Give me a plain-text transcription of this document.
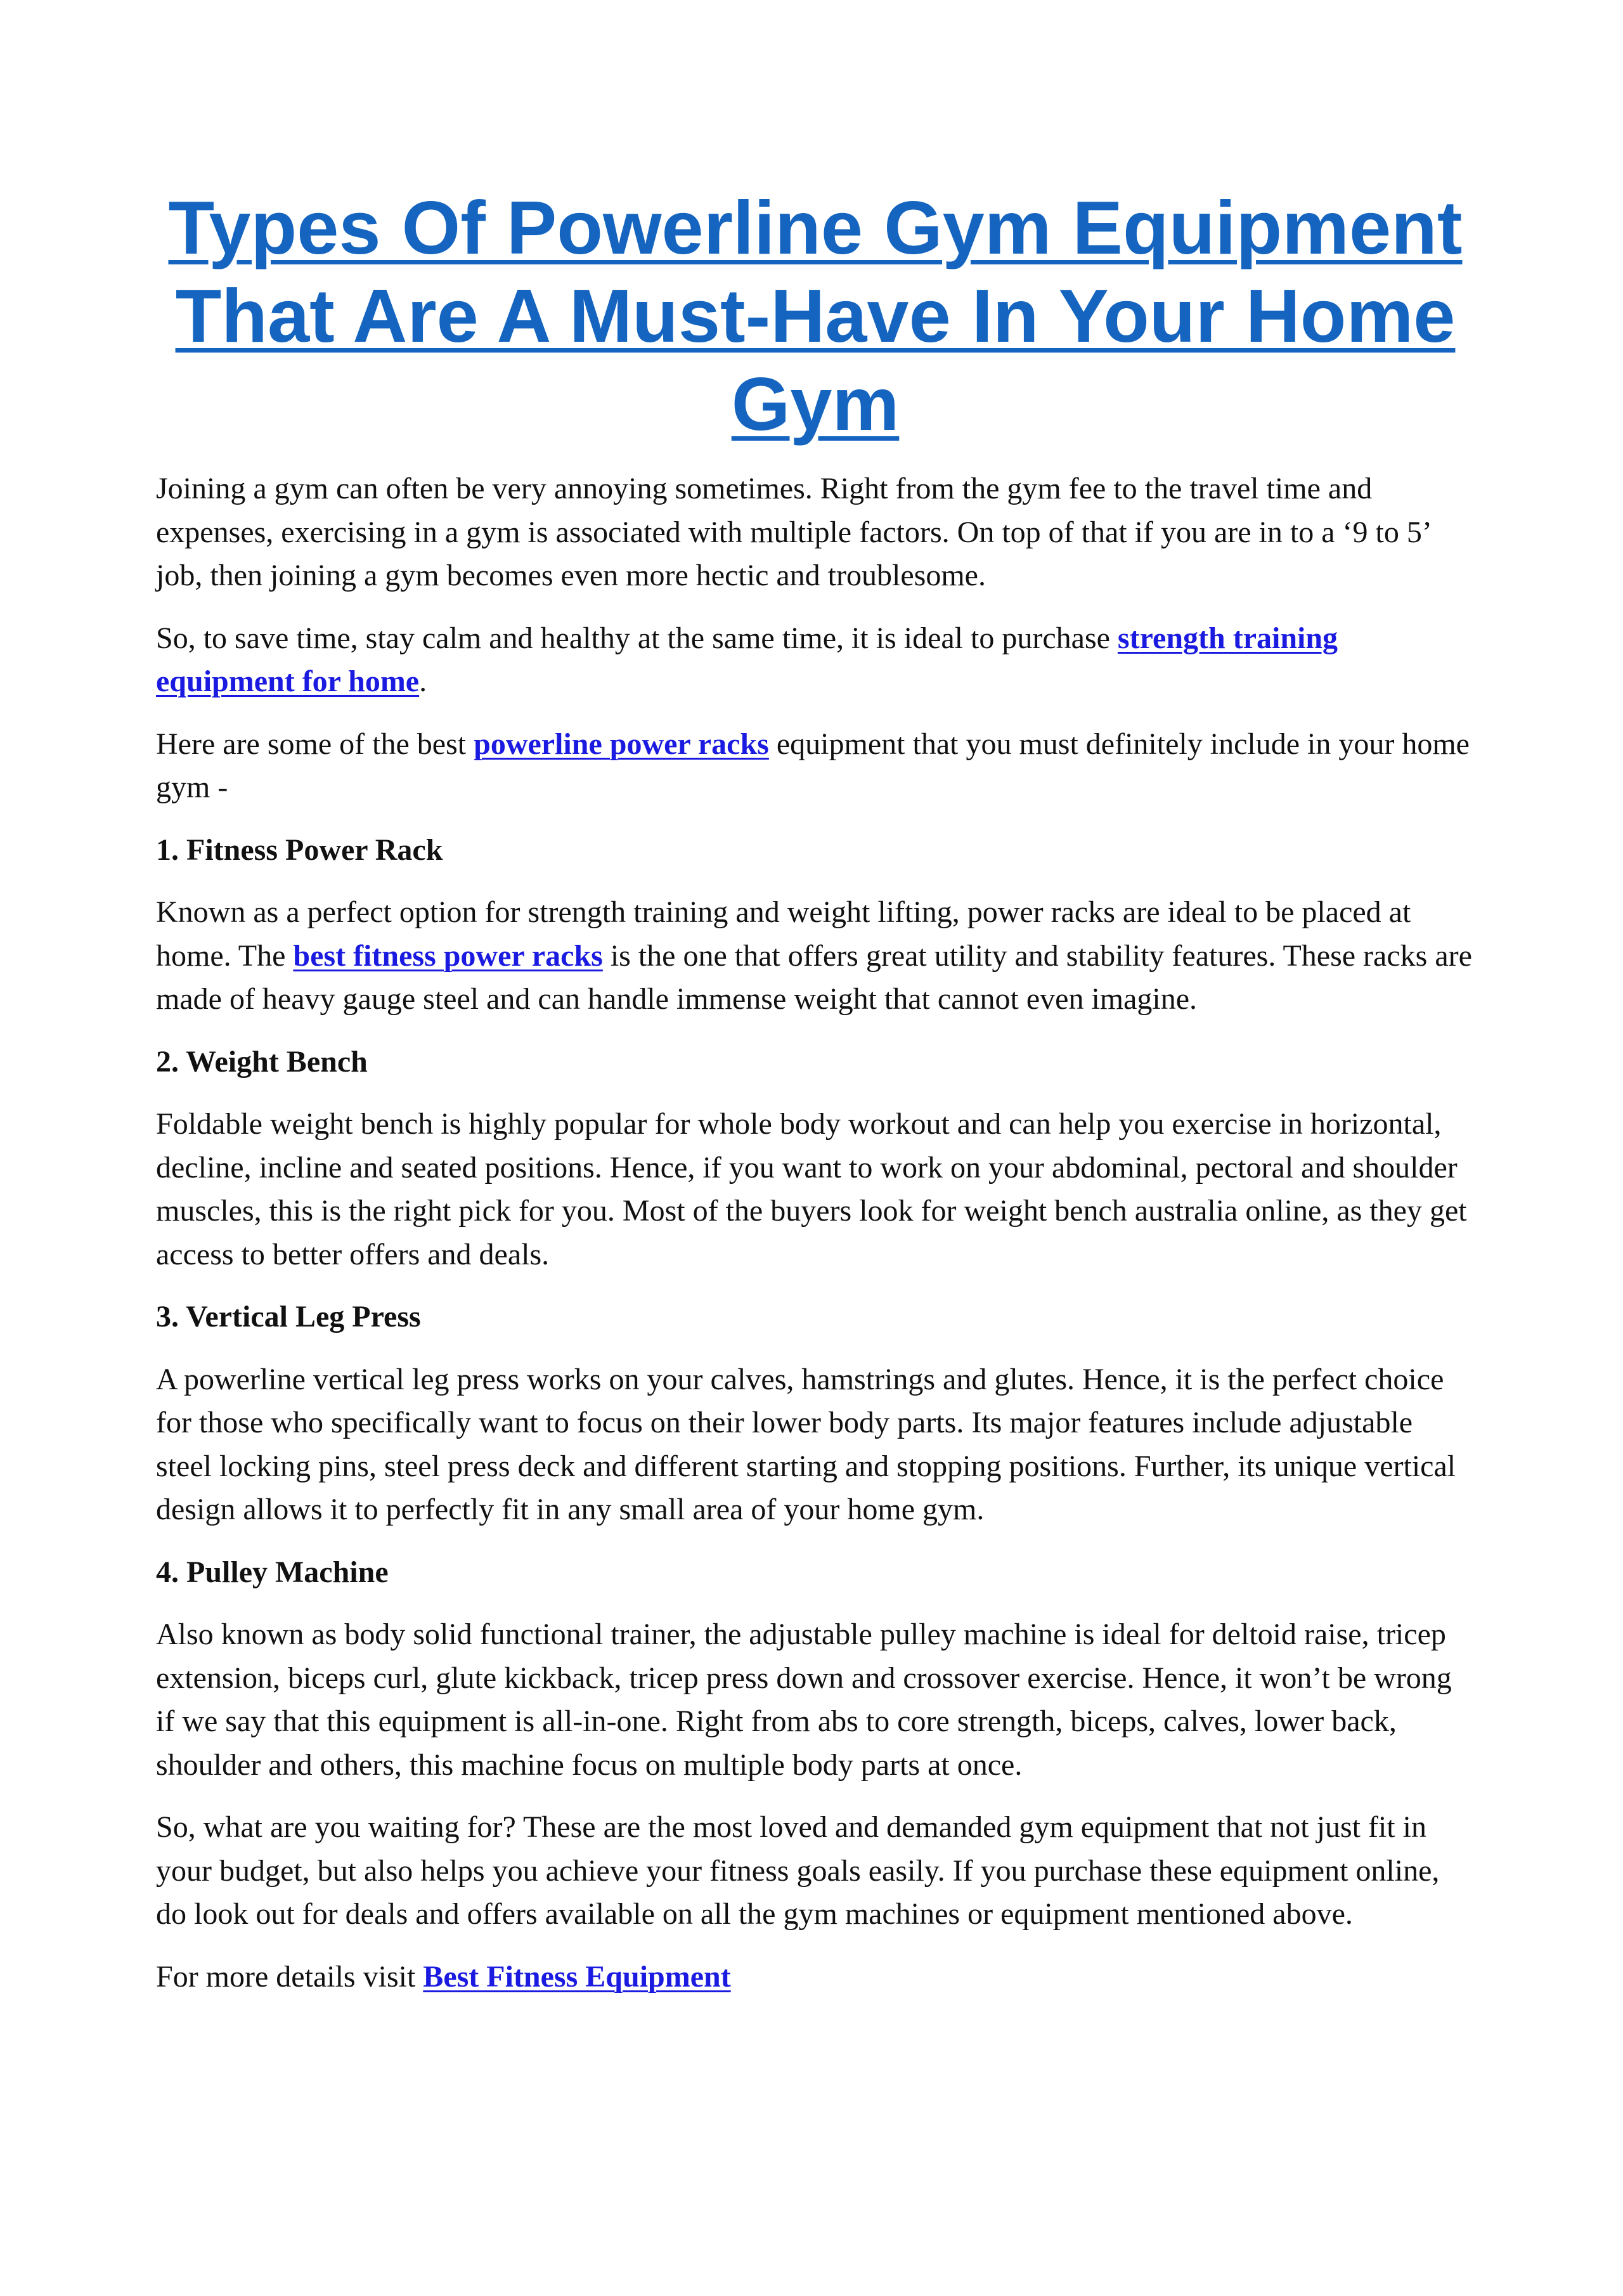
Types Of Powerline Gym Equipment That Are A Must-Have In Your Home Gym

Joining a gym can often be very annoying sometimes. Right from the gym fee to the travel time and expenses, exercising in a gym is associated with multiple factors. On top of that if you are in to a ‘9 to 5’ job, then joining a gym becomes even more hectic and troublesome.

So, to save time, stay calm and healthy at the same time, it is ideal to purchase strength training equipment for home.

Here are some of the best powerline power racks equipment that you must definitely include in your home gym -

1. Fitness Power Rack

Known as a perfect option for strength training and weight lifting, power racks are ideal to be placed at home. The best fitness power racks is the one that offers great utility and stability features. These racks are made of heavy gauge steel and can handle immense weight that cannot even imagine.

2. Weight Bench

Foldable weight bench is highly popular for whole body workout and can help you exercise in horizontal, decline, incline and seated positions. Hence, if you want to work on your abdominal, pectoral and shoulder muscles, this is the right pick for you. Most of the buyers look for weight bench australia online, as they get access to better offers and deals.

3. Vertical Leg Press

A powerline vertical leg press works on your calves, hamstrings and glutes. Hence, it is the perfect choice for those who specifically want to focus on their lower body parts. Its major features include adjustable steel locking pins, steel press deck and different starting and stopping positions. Further, its unique vertical design allows it to perfectly fit in any small area of your home gym.

4. Pulley Machine

Also known as body solid functional trainer, the adjustable pulley machine is ideal for deltoid raise, tricep extension, biceps curl, glute kickback, tricep press down and crossover exercise. Hence, it won’t be wrong if we say that this equipment is all-in-one. Right from abs to core strength, biceps, calves, lower back, shoulder and others, this machine focus on multiple body parts at once.

So, what are you waiting for? These are the most loved and demanded gym equipment that not just fit in your budget, but also helps you achieve your fitness goals easily. If you purchase these equipment online, do look out for deals and offers available on all the gym machines or equipment mentioned above.

For more details visit Best Fitness Equipment
